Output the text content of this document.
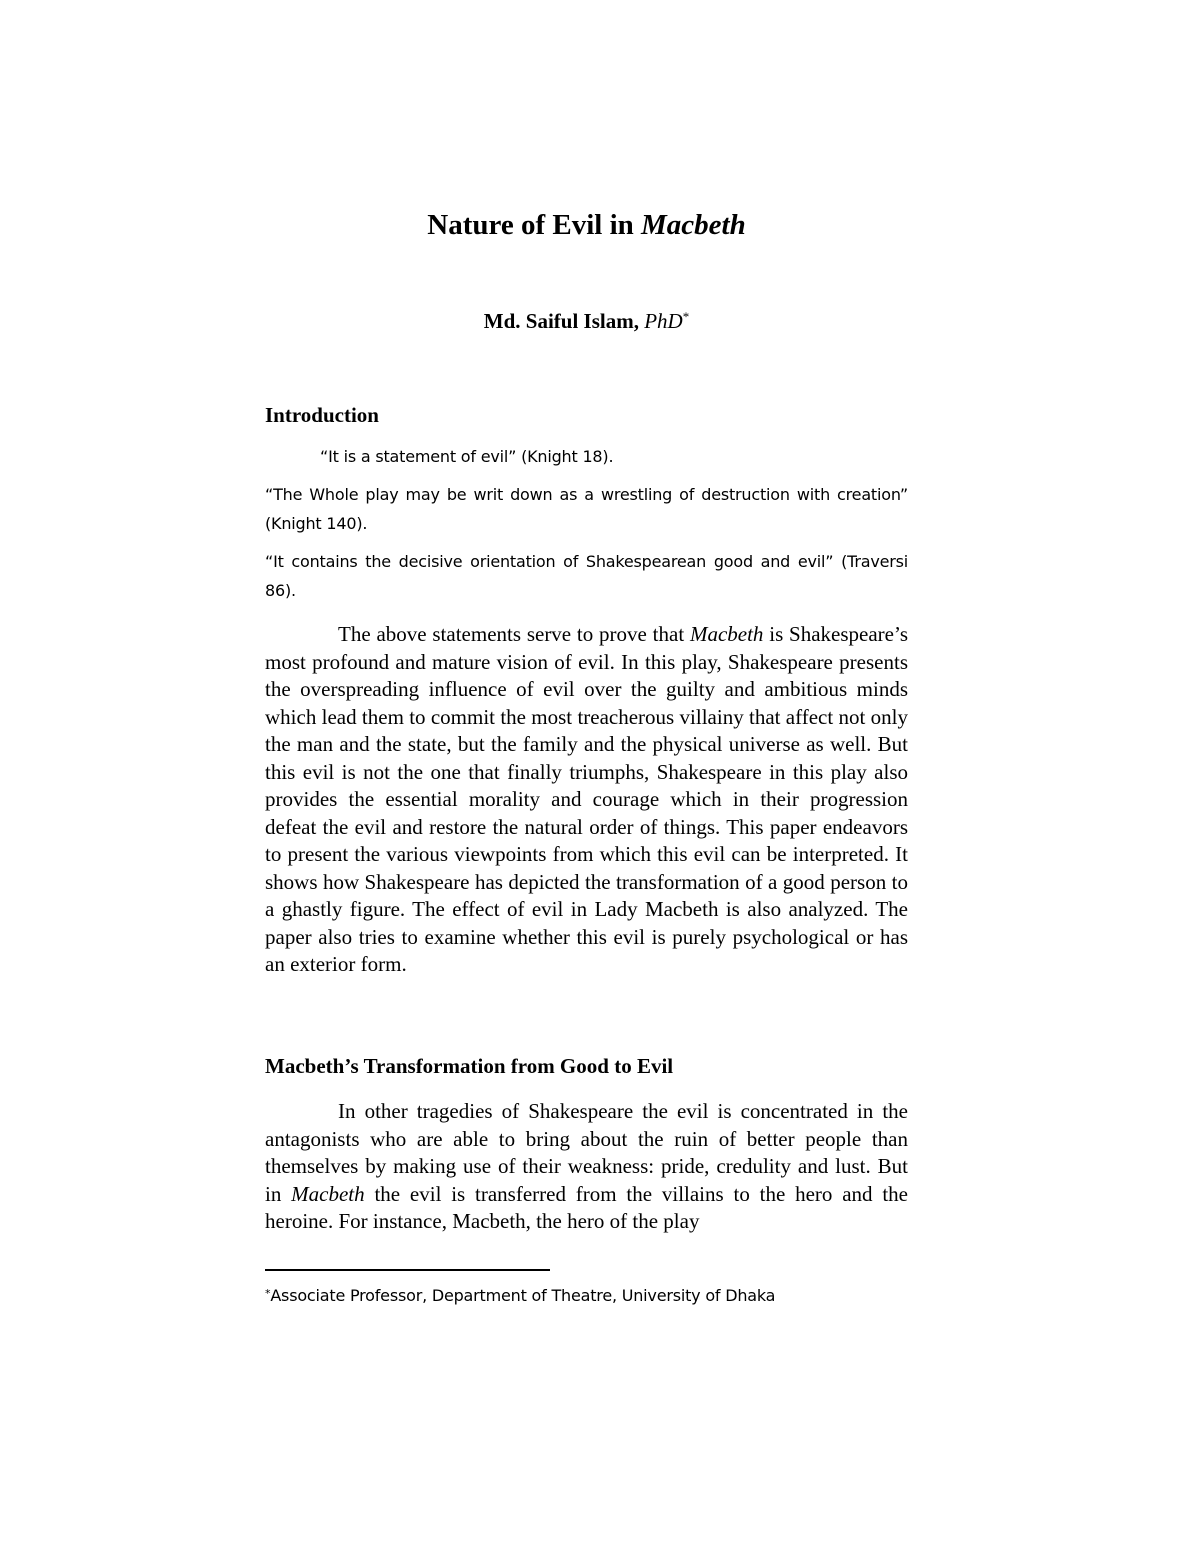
Nature of Evil in Macbeth
Md. Saiful Islam, PhD*
Introduction
“It is a statement of evil” (Knight 18).
“The Whole play may be writ down as a wrestling of destruction with creation” (Knight 140).
“It contains the decisive orientation of Shakespearean good and evil” (Traversi 86).
The above statements serve to prove that Macbeth is Shakespeare’s most profound and mature vision of evil. In this play, Shakespeare presents the overspreading influence of evil over the guilty and ambitious minds which lead them to commit the most treacherous villainy that affect not only the man and the state, but the family and the physical universe as well. But this evil is not the one that finally triumphs, Shakespeare in this play also provides the essential morality and courage which in their progression defeat the evil and restore the natural order of things. This paper endeavors to present the various viewpoints from which this evil can be interpreted. It shows how Shakespeare has depicted the transformation of a good person to a ghastly figure. The effect of evil in Lady Macbeth is also analyzed. The paper also tries to examine whether this evil is purely psychological or has an exterior form.
Macbeth’s Transformation from Good to Evil
In other tragedies of Shakespeare the evil is concentrated in the antagonists who are able to bring about the ruin of better people than themselves by making use of their weakness: pride, credulity and lust. But in Macbeth the evil is transferred from the villains to the hero and the heroine. For instance, Macbeth, the hero of the play
*Associate Professor, Department of Theatre, University of Dhaka
